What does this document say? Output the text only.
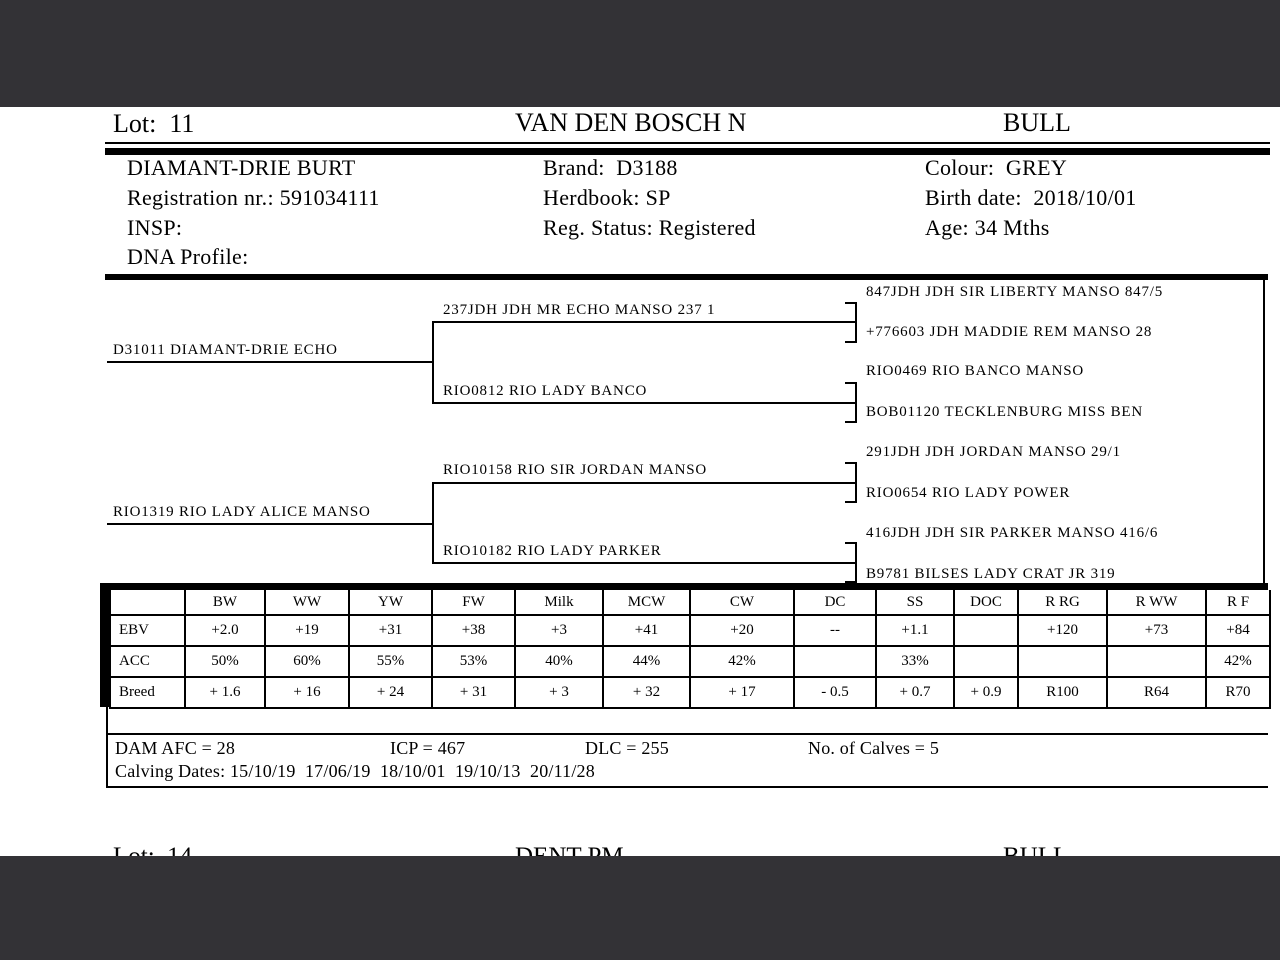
Lot:  11	VAN DEN BOSCH N	BULL
DIAMANT-DRIE BURT
Registration nr.: 591034111
INSP:
DNA Profile:
Brand:  D3188
Herdbook: SP
Reg. Status: Registered
Colour:  GREY
Birth date:  2018/10/01
Age: 34 Mths
D31011 DIAMANT-DRIE ECHO
RIO1319 RIO LADY ALICE MANSO
237JDH JDH MR ECHO MANSO 237 1
RIO0812 RIO LADY BANCO
RIO10158 RIO SIR JORDAN MANSO
RIO10182 RIO LADY PARKER
847JDH JDH SIR LIBERTY MANSO 847/5
+776603 JDH MADDIE REM MANSO 28
RIO0469 RIO BANCO MANSO
BOB01120 TECKLENBURG MISS BEN
291JDH JDH JORDAN MANSO 29/1
RIO0654 RIO LADY POWER
416JDH JDH SIR PARKER MANSO 416/6
B9781 BILSES LADY CRAT JR 319
	BW	WW	YW	FW	Milk	MCW	CW	DC	SS	DOC	R RG	R WW	R F
EBV	+2.0	+19	+31	+38	+3	+41	+20	--	+1.1		+120	+73	+84
ACC	50%	60%	55%	53%	40%	44%	42%		33%				42%
Breed	+ 1.6	+ 16	+ 24	+ 31	+ 3	+ 32	+ 17	- 0.5	+ 0.7	+ 0.9	R100	R64	R70
DAM AFC = 28	ICP = 467	DLC = 255	No. of Calves = 5
Calving Dates: 15/10/19  17/06/19  18/10/01  19/10/13  20/11/28
